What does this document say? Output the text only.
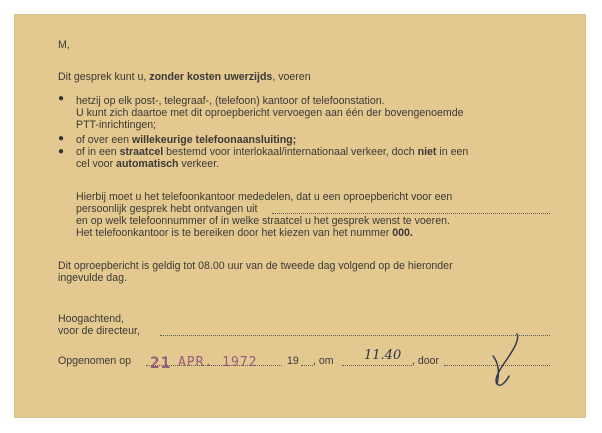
M,
Dit gesprek kunt u, zonder kosten uwerzijds, voeren
● hetzij op elk post-, telegraaf-, (telefoon) kantoor of telefoonstation.
U kunt zich daartoe met dit oproepbericht vervoegen aan één der bovengenoemde
PTT-inrichtingen;
● of over een willekeurige telefoonaansluiting;
● of in een straatcel bestemd voor interlokaal/internationaal verkeer, doch niet in een
cel voor automatisch verkeer.
Hierbij moet u het telefoonkantoor mededelen, dat u een oproepbericht voor een
persoonlijk gesprek hebt ontvangen uit
en op welk telefoonnummer of in welke straatcel u het gesprek wenst te voeren.
Het telefoonkantoor is te bereiken door het kiezen van het nummer 000.
Dit oproepbericht is geldig tot 08.00 uur van de tweede dag volgend op de hieronder
ingevulde dag.
Hoogachtend,
voor de directeur,
Opgenomen op	19 , om	, door
21 APR. 1972	11.40
